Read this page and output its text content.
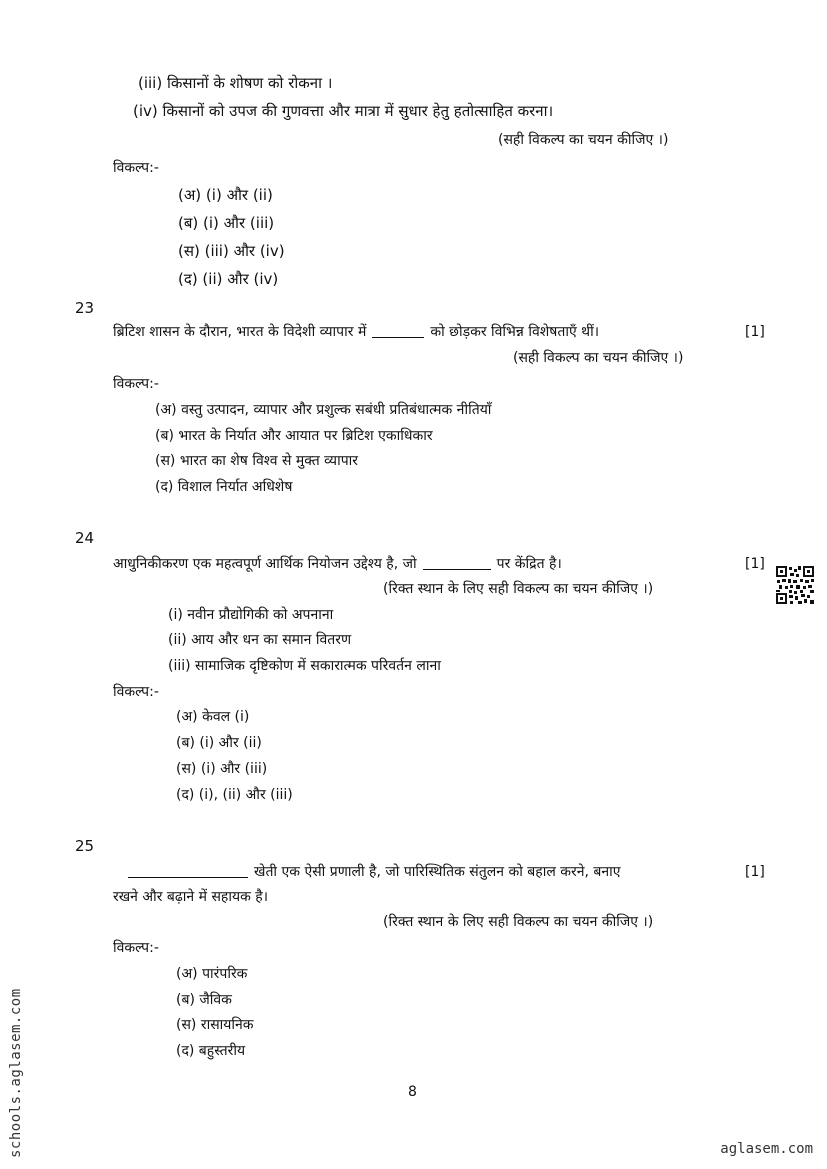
(iii) किसानों के शोषण को रोकना ।
(iv) किसानों को उपज की गुणवत्ता और मात्रा में सुधार हेतु हतोत्साहित करना।
(सही विकल्प का चयन कीजिए ।)
विकल्प:-
(अ) (i) और (ii)
(ब) (i) और (iii)
(स) (iii) और (iv)
(द) (ii) और (iv)
23
ब्रिटिश शासन के दौरान, भारत के विदेशी व्यापार में	को छोड़कर विभिन्न विशेषताएँ थीं।	[1]
(सही विकल्प का चयन कीजिए ।)
विकल्प:-
(अ) वस्तु उत्पादन, व्यापार और प्रशुल्क सबंधी प्रतिबंधात्मक नीतियाँ
(ब) भारत के निर्यात और आयात पर ब्रिटिश एकाधिकार
(स) भारत का शेष विश्व से मुक्त व्यापार
(द) विशाल निर्यात अधिशेष
24
आधुनिकीकरण एक महत्वपूर्ण आर्थिक नियोजन उद्देश्य है, जो	पर केंद्रित है।	[1]
(रिक्त स्थान के लिए सही विकल्प का चयन कीजिए ।)
(i) नवीन प्रौद्योगिकी को अपनाना
(ii) आय और धन का समान वितरण
(iii) सामाजिक दृष्टिकोण में सकारात्मक परिवर्तन लाना
विकल्प:-
(अ) केवल (i)
(ब) (i) और (ii)
(स) (i) और (iii)
(द) (i), (ii) और (iii)
25
खेती एक ऐसी प्रणाली है, जो पारिस्थितिक संतुलन को बहाल करने, बनाए	[1]
रखने और बढ़ाने में सहायक है।
(रिक्त स्थान के लिए सही विकल्प का चयन कीजिए ।)
विकल्प:-
(अ) पारंपरिक
(ब) जैविक
(स) रासायनिक
(द) बहुस्तरीय
8
schools.aglasem.com	aglasem.com
